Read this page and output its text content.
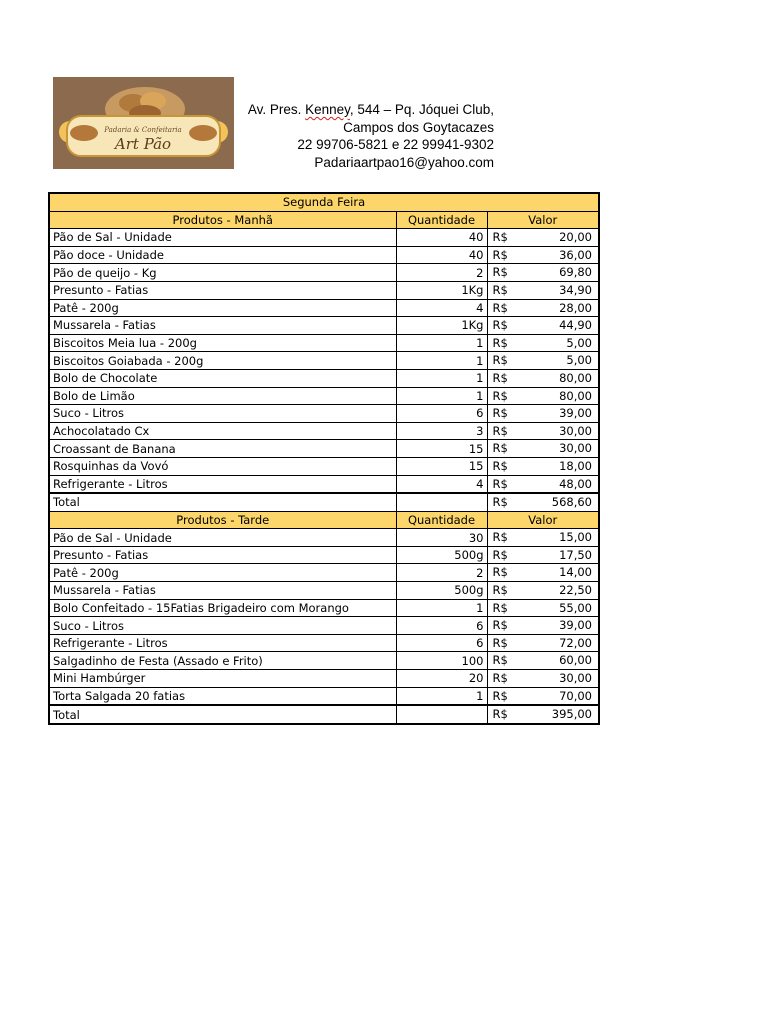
Padaria & Confeitaria
Art Pão
Av. Pres. Kenney, 544 – Pq. Jóquei Club,
Campos dos Goytacazes
22 99706-5821 e 22 99941-9302
Padariaartpao16@yahoo.com
Segunda Feira		
Produtos - Manhã	Quantidade	Valor
Pão de Sal - Unidade	40	R$ 20,00

Pão doce - Unidade	40	R$ 36,00

Pão de queijo - Kg	2	R$ 69,80

Presunto - Fatias	1Kg	R$ 34,90

Patê - 200g	4	R$ 28,00

Mussarela - Fatias	1Kg	R$ 44,90

Biscoitos Meia lua - 200g	1	R$ 5,00

Biscoitos Goiabada - 200g	1	R$ 5,00

Bolo de Chocolate	1	R$ 80,00

Bolo de Limão	1	R$ 80,00

Suco - Litros	6	R$ 39,00

Achocolatado Cx	3	R$ 30,00

Croassant de Banana	15	R$ 30,00

Rosquinhas da Vovó	15	R$ 18,00

Refrigerante - Litros	4	R$ 48,00

Total		R$ 568,60

Produtos - Tarde	Quantidade	Valor
Pão de Sal - Unidade	30	R$ 15,00

Presunto - Fatias	500g	R$ 17,50

Patê - 200g	2	R$ 14,00

Mussarela - Fatias	500g	R$ 22,50

Bolo Confeitado - 15Fatias Brigadeiro com Morango	1	R$ 55,00

Suco - Litros	6	R$ 39,00

Refrigerante - Litros	6	R$ 72,00

Salgadinho de Festa (Assado e Frito)	100	R$ 60,00

Mini Hambúrger	20	R$ 30,00

Torta Salgada 20 fatias	1	R$ 70,00

Total		R$ 395,00
